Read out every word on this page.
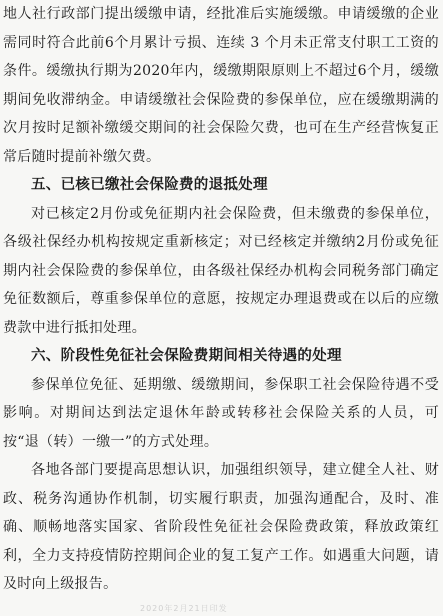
地人社行政部门提出缓缴申请，经批准后实施缓缴。申请缓缴的企业需同时符合此前6个月累计亏损、连续 3 个月未正常支付职工工资的条件。缓缴执行期为2020年内，缓缴期限原则上不超过6个月，缓缴期间免收滞纳金。申请缓缴社会保险费的参保单位，应在缓缴期满的次月按时足额补缴缓交期间的社会保险欠费，也可在生产经营恢复正常后随时提前补缴欠费。

五、已核已缴社会保险费的退抵处理

对已核定2月份或免征期内社会保险费，但未缴费的参保单位，各级社保经办机构按规定重新核定；对已经核定并缴纳2月份或免征期内社会保险费的参保单位，由各级社保经办机构会同税务部门确定免征数额后，尊重参保单位的意愿，按规定办理退费或在以后的应缴费款中进行抵扣处理。

六、阶段性免征社会保险费期间相关待遇的处理

参保单位免征、延期缴、缓缴期间，参保职工社会保险待遇不受影响。对期间达到法定退休年龄或转移社会保险关系的人员，可按“退（转）一缴一”的方式处理。

各地各部门要提高思想认识，加强组织领导，建立健全人社、财政、税务沟通协作机制，切实履行职责，加强沟通配合，及时、准确、顺畅地落实国家、省阶段性免征社会保险费政策，释放政策红利，全力支持疫情防控期间企业的复工复产工作。如遇重大问题，请及时向上级报告。

2020年2月21日印发
